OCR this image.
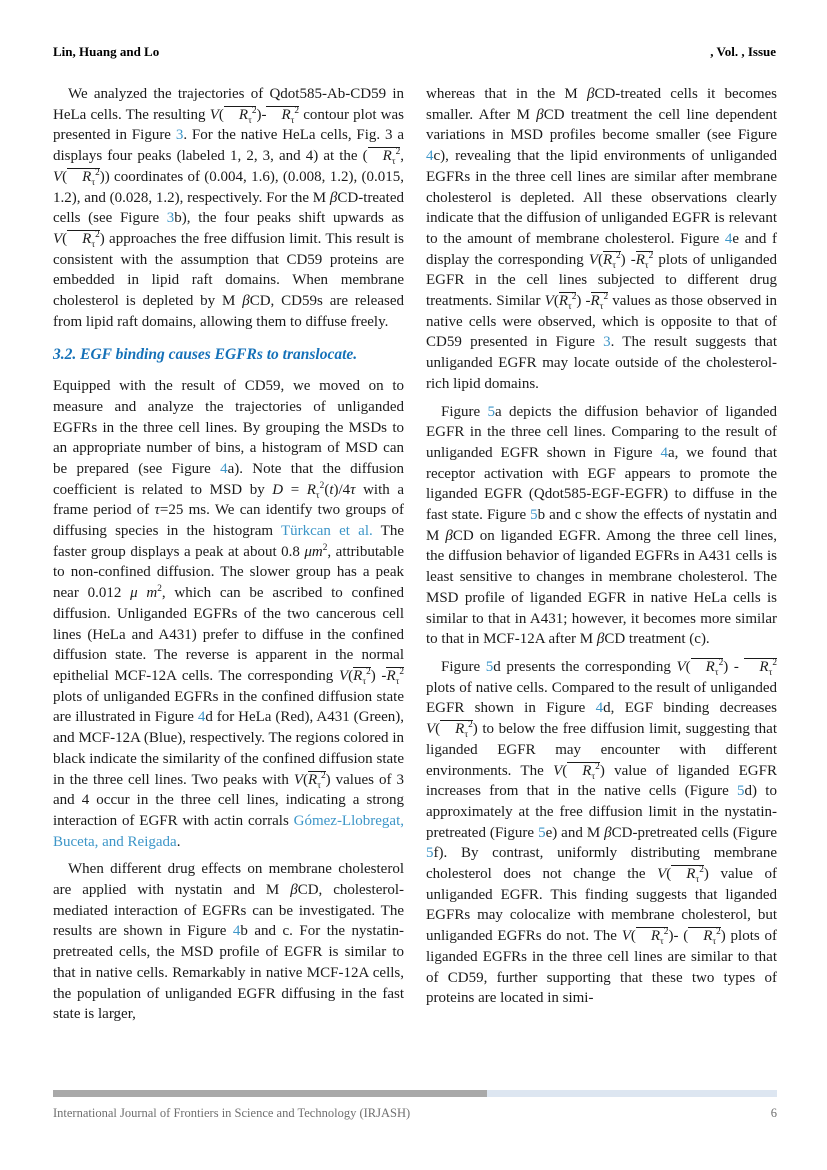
Lin, Huang and Lo	, Vol. , Issue

We analyzed the trajectories of Qdot585-Ab-CD59 in HeLa cells. The resulting V( $R_\tau^2)-$ $R_\tau^2$ contour plot was presented in Figure 3. For the native HeLa cells, Fig. 3 a displays four peaks (labeled 1, 2, 3, and 4) at the ( $R_\tau^2$, V( $R_\tau^2$)) coordinates of (0.004, 1.6), (0.008, 1.2), (0.015, 1.2), and (0.028, 1.2), respectively. For the M βCD-treated cells (see Figure 3b), the four peaks shift upwards as V( $R_\tau^2$) approaches the free diffusion limit. This result is consistent with the assumption that CD59 proteins are embedded in lipid raft domains. When membrane cholesterol is depleted by M βCD, CD59s are released from lipid raft domains, allowing them to diffuse freely.

3.2. EGF binding causes EGFRs to translocate.

Equipped with the result of CD59, we moved on to measure and analyze the trajectories of unliganded EGFRs in the three cell lines. By grouping the MSDs to an appropriate number of bins, a histogram of MSD can be prepared (see Figure 4a). Note that the diffusion coefficient is related to MSD by $D = R_\tau^2(t)/4\tau$ with a frame period of τ=25 ms. We can identify two groups of diffusing species in the histogram Türkcan et al. The faster group displays a peak at about 0.8 $\mu m^2$, attributable to non-confined diffusion. The slower group has a peak near 0.012 μ $m^2$, which can be ascribed to confined diffusion. Unliganded EGFRs of the two cancerous cell lines (HeLa and A431) prefer to diffuse in the confined diffusion state. The reverse is apparent in the normal epithelial MCF-12A cells. The corresponding $V(R_\tau^2)$ $-R_\tau^2$ plots of unliganded EGFRs in the confined diffusion state are illustrated in Figure 4d for HeLa (Red), A431 (Green), and MCF-12A (Blue), respectively. The regions colored in black indicate the similarity of the confined diffusion state in the three cell lines. Two peaks with $V(R_\tau^2)$ values of 3 and 4 occur in the three cell lines, indicating a strong interaction of EGFR with actin corrals Gómez-Llobregat, Buceta, and Reigada.

When different drug effects on membrane cholesterol are applied with nystatin and M βCD, cholesterol-mediated interaction of EGFRs can be investigated. The results are shown in Figure 4b and c. For the nystatin-pretreated cells, the MSD profile of EGFR is similar to that in native cells. Remarkably in native MCF-12A cells, the population of unliganded EGFR diffusing in the fast state is larger,

whereas that in the M βCD-treated cells it becomes smaller. After M βCD treatment the cell line dependent variations in MSD profiles become smaller (see Figure 4c), revealing that the lipid environments of unliganded EGFRs in the three cell lines are similar after membrane cholesterol is depleted. All these observations clearly indicate that the diffusion of unliganded EGFR is relevant to the amount of membrane cholesterol. Figure 4e and f display the corresponding $V(R_\tau^2)$ $-R_\tau^2$ plots of unliganded EGFR in the cell lines subjected to different drug treatments. Similar $V(R_\tau^2)$ $-R_\tau^2$ values as those observed in native cells were observed, which is opposite to that of CD59 presented in Figure 3. The result suggests that unliganded EGFR may locate outside of the cholesterol-rich lipid domains.

Figure 5a depicts the diffusion behavior of liganded EGFR in the three cell lines. Comparing to the result of unliganded EGFR shown in Figure 4a, we found that receptor activation with EGF appears to promote the liganded EGFR (Qdot585-EGF-EGFR) to diffuse in the fast state. Figure 5b and c show the effects of nystatin and M βCD on liganded EGFR. Among the three cell lines, the diffusion behavior of liganded EGFRs in A431 cells is least sensitive to changes in membrane cholesterol. The MSD profile of liganded EGFR in native HeLa cells is similar to that in A431; however, it becomes more similar to that in MCF-12A after M βCD treatment (c).

Figure 5d presents the corresponding V( $R_\tau^2) - R_\tau^2$ plots of native cells. Compared to the result of unliganded EGFR shown in Figure 4d, EGF binding decreases V( $R_\tau^2$) to below the free diffusion limit, suggesting that liganded EGFR may encounter with different environments. The V( $R_\tau^2$) value of liganded EGFR increases from that in the native cells (Figure 5d) to approximately at the free diffusion limit in the nystatin-pretreated (Figure 5e) and M βCD-pretreated cells (Figure 5f). By contrast, uniformly distributing membrane cholesterol does not change the V( $R_\tau^2$) value of unliganded EGFR. This finding suggests that liganded EGFRs may colocalize with membrane cholesterol, but unliganded EGFRs do not. The V( $R_\tau^2)-$ ( $R_\tau^2$) plots of liganded EGFRs in the three cell lines are similar to that of CD59, further supporting that these two types of proteins are located in simi-

International Journal of Frontiers in Science and Technology (IRJASH)	6
